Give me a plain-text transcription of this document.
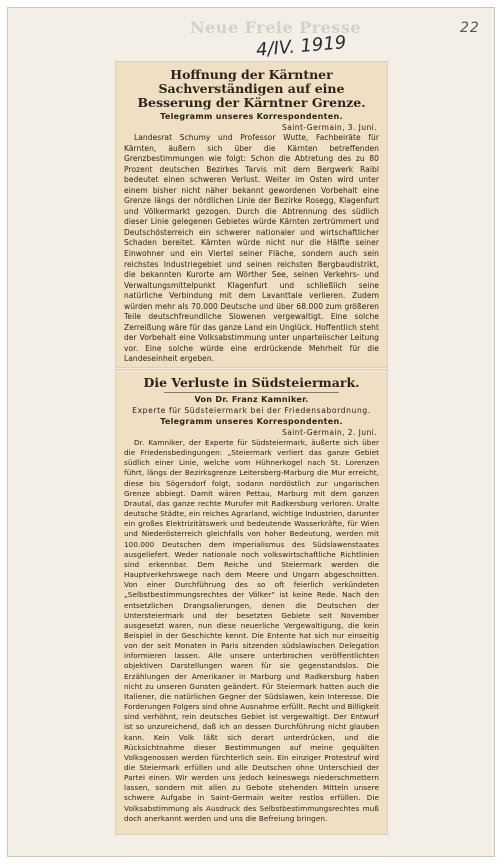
Neue Freie Presse
4/IV. 1919
22
Hoffnung der Kärntner Sachverständigen auf eine Besserung der Kärntner Grenze.
Telegramm unseres Korrespondenten.
Saint-Germain, 3. Juni.

Landesrat Schumy und Professor Wutte, Fachbeiräte für Kärnten, äußern sich über die Kärnten betreffenden Grenzbestimmungen wie folgt: Schon die Abtretung des zu 80 Prozent deutschen Bezirkes Tarvis mit dem Bergwerk Raibl bedeutet einen schweren Verlust. Weiter im Osten wird unter einem bisher nicht näher bekannt gewordenen Vorbehalt eine Grenze längs der nördlichen Linie der Bezirke Rosegg, Klagenfurt und Völkermarkt gezogen. Durch die Abtrennung des südlich dieser Linie gelegenen Gebietes würde Kärnten zertrümmert und Deutschösterreich ein schwerer nationaler und wirtschaftlicher Schaden bereitet. Kärnten würde nicht nur die Hälfte seiner Einwohner und ein Viertel seiner Fläche, sondern auch sein reichstes Industriegebiet und seinen reichsten Bergbaudistrikt, die bekannten Kurorte am Wörther See, seinen Verkehrs- und Verwaltungsmittelpunkt Klagenfurt und schließlich seine natürliche Verbindung mit dem Lavanttale verlieren. Zudem würden mehr als 70.000 Deutsche und über 68.000 zum größeren Teile deutschfreundliche Slowenen vergewaltigt. Eine solche Zerreißung wäre für das ganze Land ein Unglück. Hoffentlich steht der Vorbehalt eine Volksabstimmung unter unparteiischer Leitung vor. Eine solche würde eine erdrückende Mehrheit für die Landeseinheit ergeben.

Die Verluste in Südsteiermark.
Von Dr. Franz Kamniker.
Experte für Südsteiermark bei der Friedensabordnung.
Telegramm unseres Korrespondenten.
Saint-Germain, 2. Juni.

Dr. Kamniker, der Experte für Südsteiermark, äußerte sich über die Friedensbedingungen: „Steiermark verliert das ganze Gebiet südlich einer Linie, welche vom Hühnerkogel nach St. Lorenzen führt, längs der Bezirksgrenze Leitersberg-Marburg die Mur erreicht, diese bis Sögersdorf folgt, sodann nordöstlich zur ungarischen Grenze abbiegt. Damit wären Pettau, Marburg mit dem ganzen Drautal, das ganze rechte Murufer mit Radkersburg verloren. Uralte deutsche Städte, ein reiches Agrarland, wichtige Industrien, darunter ein großes Elektrizitätswerk und bedeutende Wasserkräfte, für Wien und Niederösterreich gleichfalls von hoher Bedeutung, werden mit 100.000 Deutschen dem Imperialismus des Südslawenstaates ausgeliefert. Weder nationale noch volkswirtschaftliche Richtlinien sind erkennbar. Dem Reiche und Steiermark werden die Hauptverkehrswege nach dem Meere und Ungarn abgeschnitten. Von einer Durchführung des so oft feierlich verkündeten „Selbstbestimmungsrechtes der Völker“ ist keine Rede. Nach den entsetzlichen Drangsalierungen, denen die Deutschen der Untersteiermark und der besetzten Gebiete seit November ausgesetzt waren, nun diese neuerliche Vergewaltigung, die kein Beispiel in der Geschichte kennt. Die Entente hat sich nur einseitig von der seit Monaten in Paris sitzenden südslawischen Delegation informieren lassen. Alle unsere unterbrochen veröffentlichten objektiven Darstellungen waren für sie gegenstandslos. Die Erzählungen der Amerikaner in Marburg und Radkersburg haben nicht zu unseren Gunsten geändert. Für Steiermark hatten auch die Italiener, die natürlichen Gegner der Südslawen, kein Interesse. Die Forderungen Folgers sind ohne Ausnahme erfüllt. Recht und Billigkeit sind verhöhnt, rein deutsches Gebiet ist vergewaltigt. Der Entwurf ist so unzureichend, daß ich an dessen Durchführung nicht glauben kann. Kein Volk läßt sich derart unterdrücken, und die Rücksichtnahme dieser Bestimmungen auf meine gequälten Volksgenossen werden fürchterlich sein. Ein einziger Protestruf wird die Steiermark erfüllen und alle Deutschen ohne Unterschied der Partei einen. Wir werden uns jedoch keineswegs niederschmettern lassen, sondern mit allen zu Gebote stehenden Mitteln unsere schwere Aufgabe in Saint-Germain weiter restlos erfüllen. Die Volksabstimmung als Ausdruck des Selbstbestimmungsrechtes muß doch anerkannt werden und uns die Befreiung bringen.
